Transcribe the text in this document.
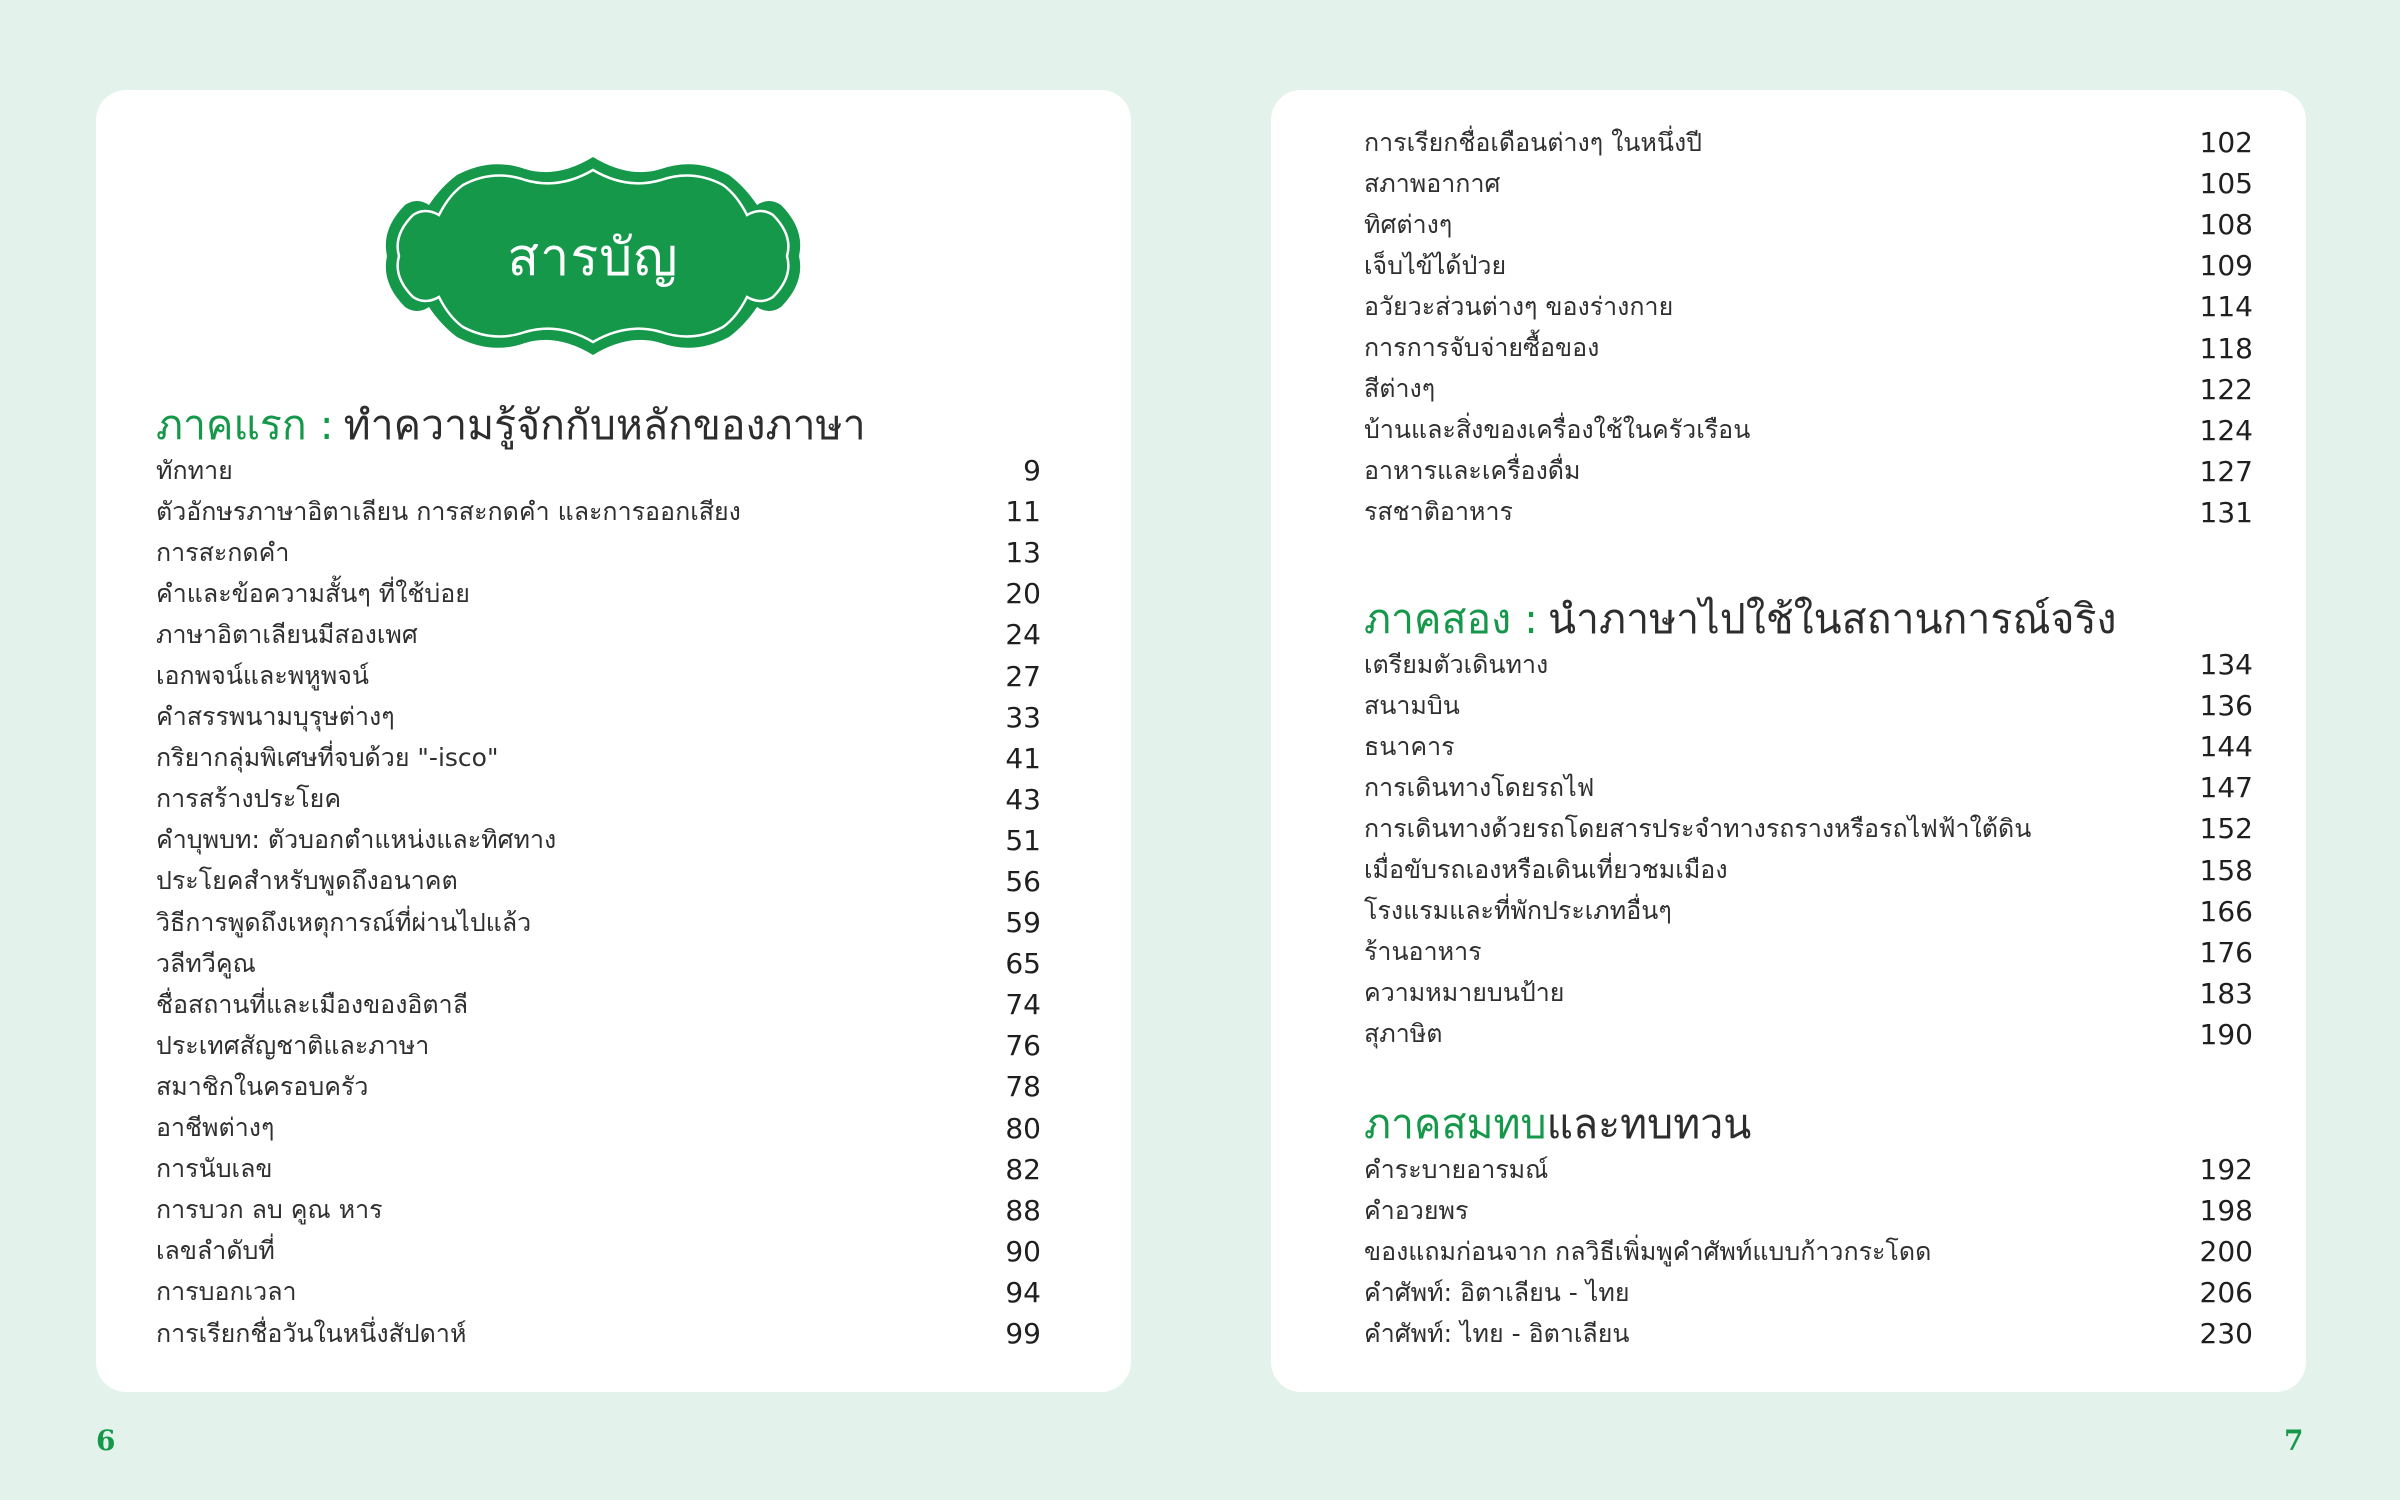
สารบัญ
ภาคแรก : ทำความรู้จักกับหลักของภาษา
ทักทาย	9
ตัวอักษรภาษาอิตาเลียน การสะกดคำ และการออกเสียง	11
การสะกดคำ	13
คำและข้อความสั้นๆ ที่ใช้บ่อย	20
ภาษาอิตาเลียนมีสองเพศ	24
เอกพจน์และพหูพจน์	27
คำสรรพนามบุรุษต่างๆ	33
กริยากลุ่มพิเศษที่จบด้วย "-isco"	41
การสร้างประโยค	43
คำบุพบท: ตัวบอกตำแหน่งและทิศทาง	51
ประโยคสำหรับพูดถึงอนาคต	56
วิธีการพูดถึงเหตุการณ์ที่ผ่านไปแล้ว	59
วลีทวีคูณ	65
ชื่อสถานที่และเมืองของอิตาลี	74
ประเทศสัญชาติและภาษา	76
สมาชิกในครอบครัว	78
อาชีพต่างๆ	80
การนับเลข	82
การบวก ลบ คูณ หาร	88
เลขลำดับที่	90
การบอกเวลา	94
การเรียกชื่อวันในหนึ่งสัปดาห์	99
การเรียกชื่อเดือนต่างๆ ในหนึ่งปี	102
สภาพอากาศ	105
ทิศต่างๆ	108
เจ็บไข้ได้ป่วย	109
อวัยวะส่วนต่างๆ ของร่างกาย	114
การการจับจ่ายซื้อของ	118
สีต่างๆ	122
บ้านและสิ่งของเครื่องใช้ในครัวเรือน	124
อาหารและเครื่องดื่ม	127
รสชาติอาหาร	131
ภาคสอง : นำภาษาไปใช้ในสถานการณ์จริง
เตรียมตัวเดินทาง	134
สนามบิน	136
ธนาคาร	144
การเดินทางโดยรถไฟ	147
การเดินทางด้วยรถโดยสารประจำทางรถรางหรือรถไฟฟ้าใต้ดิน	152
เมื่อขับรถเองหรือเดินเที่ยวชมเมือง	158
โรงแรมและที่พักประเภทอื่นๆ	166
ร้านอาหาร	176
ความหมายบนป้าย	183
สุภาษิต	190
ภาคสมทบ และทบทวน
คำระบายอารมณ์	192
คำอวยพร	198
ของแถมก่อนจาก กลวิธีเพิ่มพูคำศัพท์แบบก้าวกระโดด	200
คำศัพท์: อิตาเลียน - ไทย	206
คำศัพท์: ไทย - อิตาเลียน	230
6	7
